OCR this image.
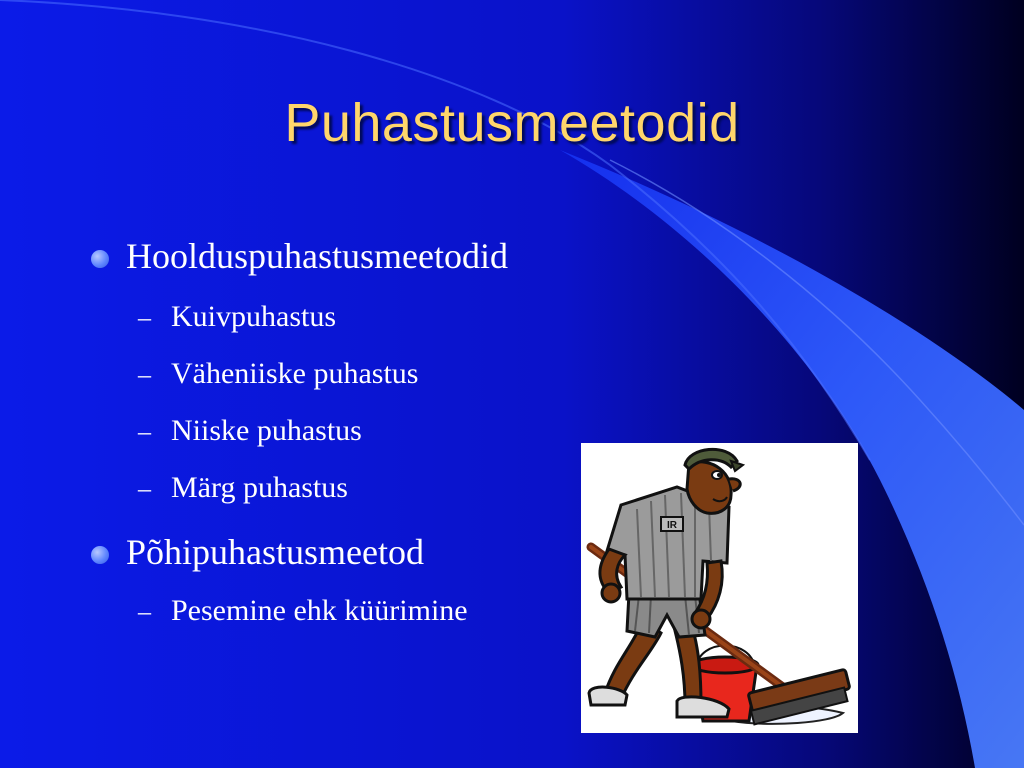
Puhastusmeetodid
Hoolduspuhastusmeetodid
– Kuivpuhastus
– Väheniiske puhastus
– Niiske puhastus
– Märg puhastus
Põhipuhastusmeetod
– Pesemine ehk küürimine
IR
